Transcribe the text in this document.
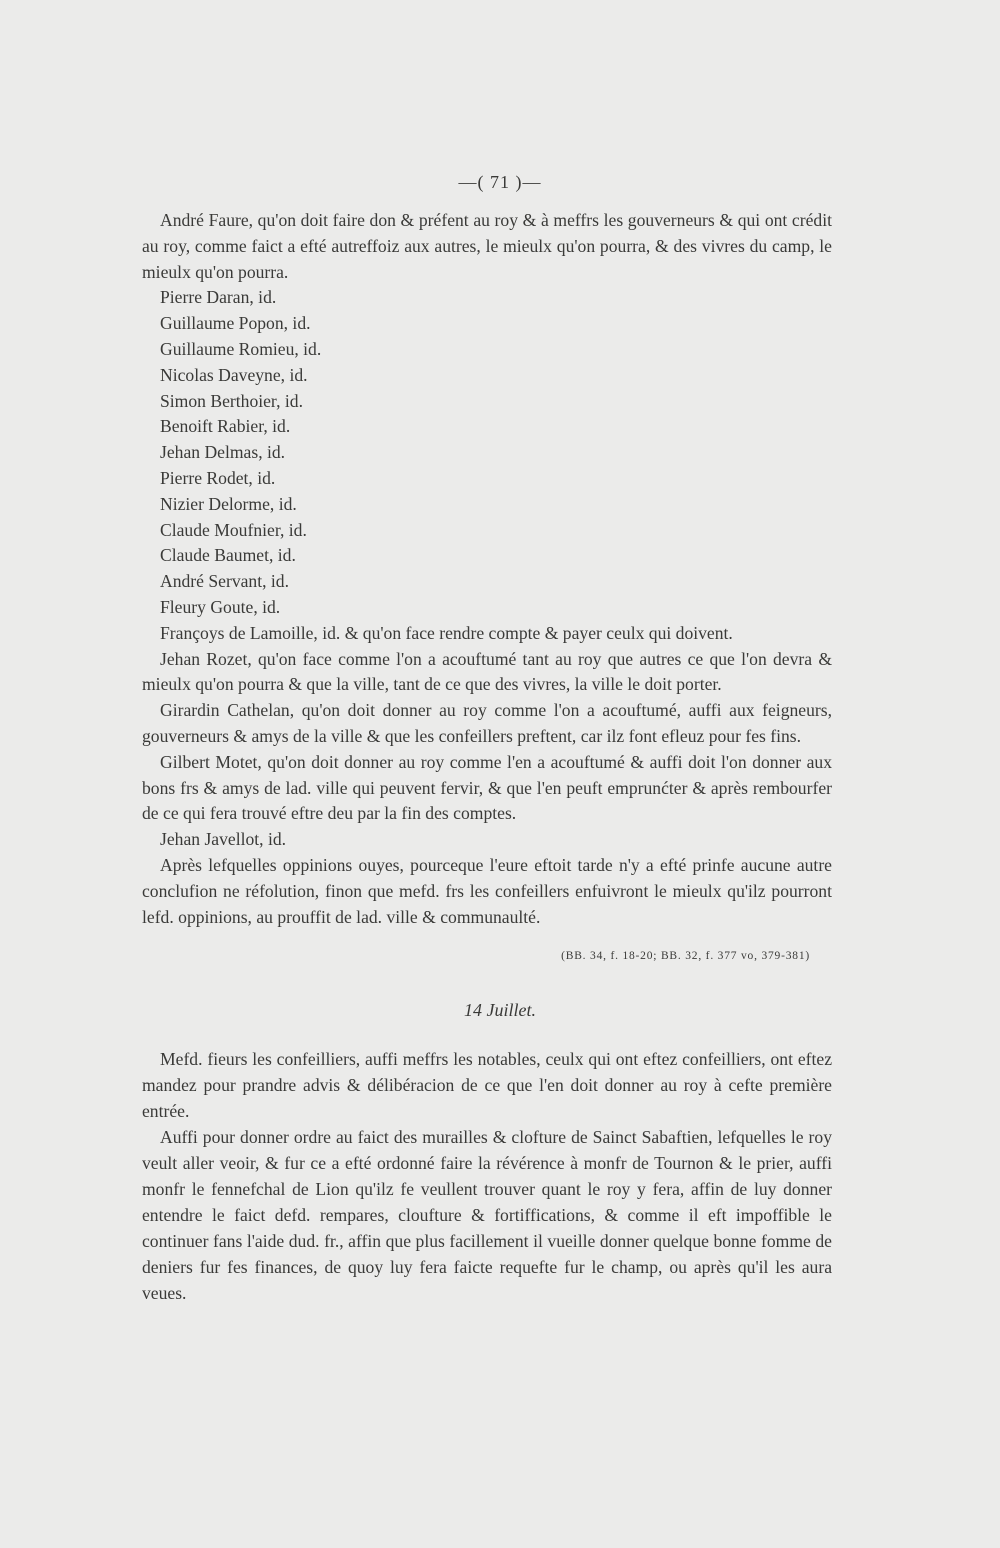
—( 71 )—

André Faure, qu'on doit faire don & préfent au roy & à meffrs les gouverneurs & qui ont crédit au roy, comme faict a efté autreffoiz aux autres, le mieulx qu'on pourra, & des vivres du camp, le mieulx qu'on pourra.

Pierre Daran, id.

Guillaume Popon, id.

Guillaume Romieu, id.

Nicolas Daveyne, id.

Simon Berthoier, id.

Benoift Rabier, id.

Jehan Delmas, id.

Pierre Rodet, id.

Nizier Delorme, id.

Claude Moufnier, id.

Claude Baumet, id.

André Servant, id.

Fleury Goute, id.

Françoys de Lamoille, id. & qu'on face rendre compte & payer ceulx qui doivent.

Jehan Rozet, qu'on face comme l'on a acouftumé tant au roy que autres ce que l'on devra & mieulx qu'on pourra & que la ville, tant de ce que des vivres, la ville le doit porter.

Girardin Cathelan, qu'on doit donner au roy comme l'on a acouftumé, auffi aux feigneurs, gouverneurs & amys de la ville & que les confeillers preftent, car ilz font efleuz pour fes fins.

Gilbert Motet, qu'on doit donner au roy comme l'en a acouftumé & auffi doit l'on donner aux bons frs & amys de lad. ville qui peuvent fervir, & que l'en peuft emprunćter & après rembourfer de ce qui fera trouvé eftre deu par la fin des comptes.

Jehan Javellot, id.

Après lefquelles oppinions ouyes, pourceque l'eure eftoit tarde n'y a efté prinfe aucune autre conclufion ne réfolution, finon que mefd. frs les confeillers enfuivront le mieulx qu'ilz pourront lefd. oppinions, au prouffit de lad. ville & communaulté.

(BB. 34, f. 18-20; BB. 32, f. 377 vo, 379-381)
14 Juillet.

Mefd. fieurs les confeilliers, auffi meffrs les notables, ceulx qui ont eftez confeilliers, ont eftez mandez pour prandre advis & délibéracion de ce que l'en doit donner au roy à cefte première entrée.

Auffi pour donner ordre au faict des murailles & clofture de Sainct Sabaftien, lefquelles le roy veult aller veoir, & fur ce a efté ordonné faire la révérence à monfr de Tournon & le prier, auffi monfr le fennefchal de Lion qu'ilz fe veullent trouver quant le roy y fera, affin de luy donner entendre le faict defd. rempares, cloufture & fortiffications, & comme il eft impoffible le continuer fans l'aide dud. fr., affin que plus facillement il vueille donner quelque bonne fomme de deniers fur fes finances, de quoy luy fera faicte requefte fur le champ, ou après qu'il les aura veues.
